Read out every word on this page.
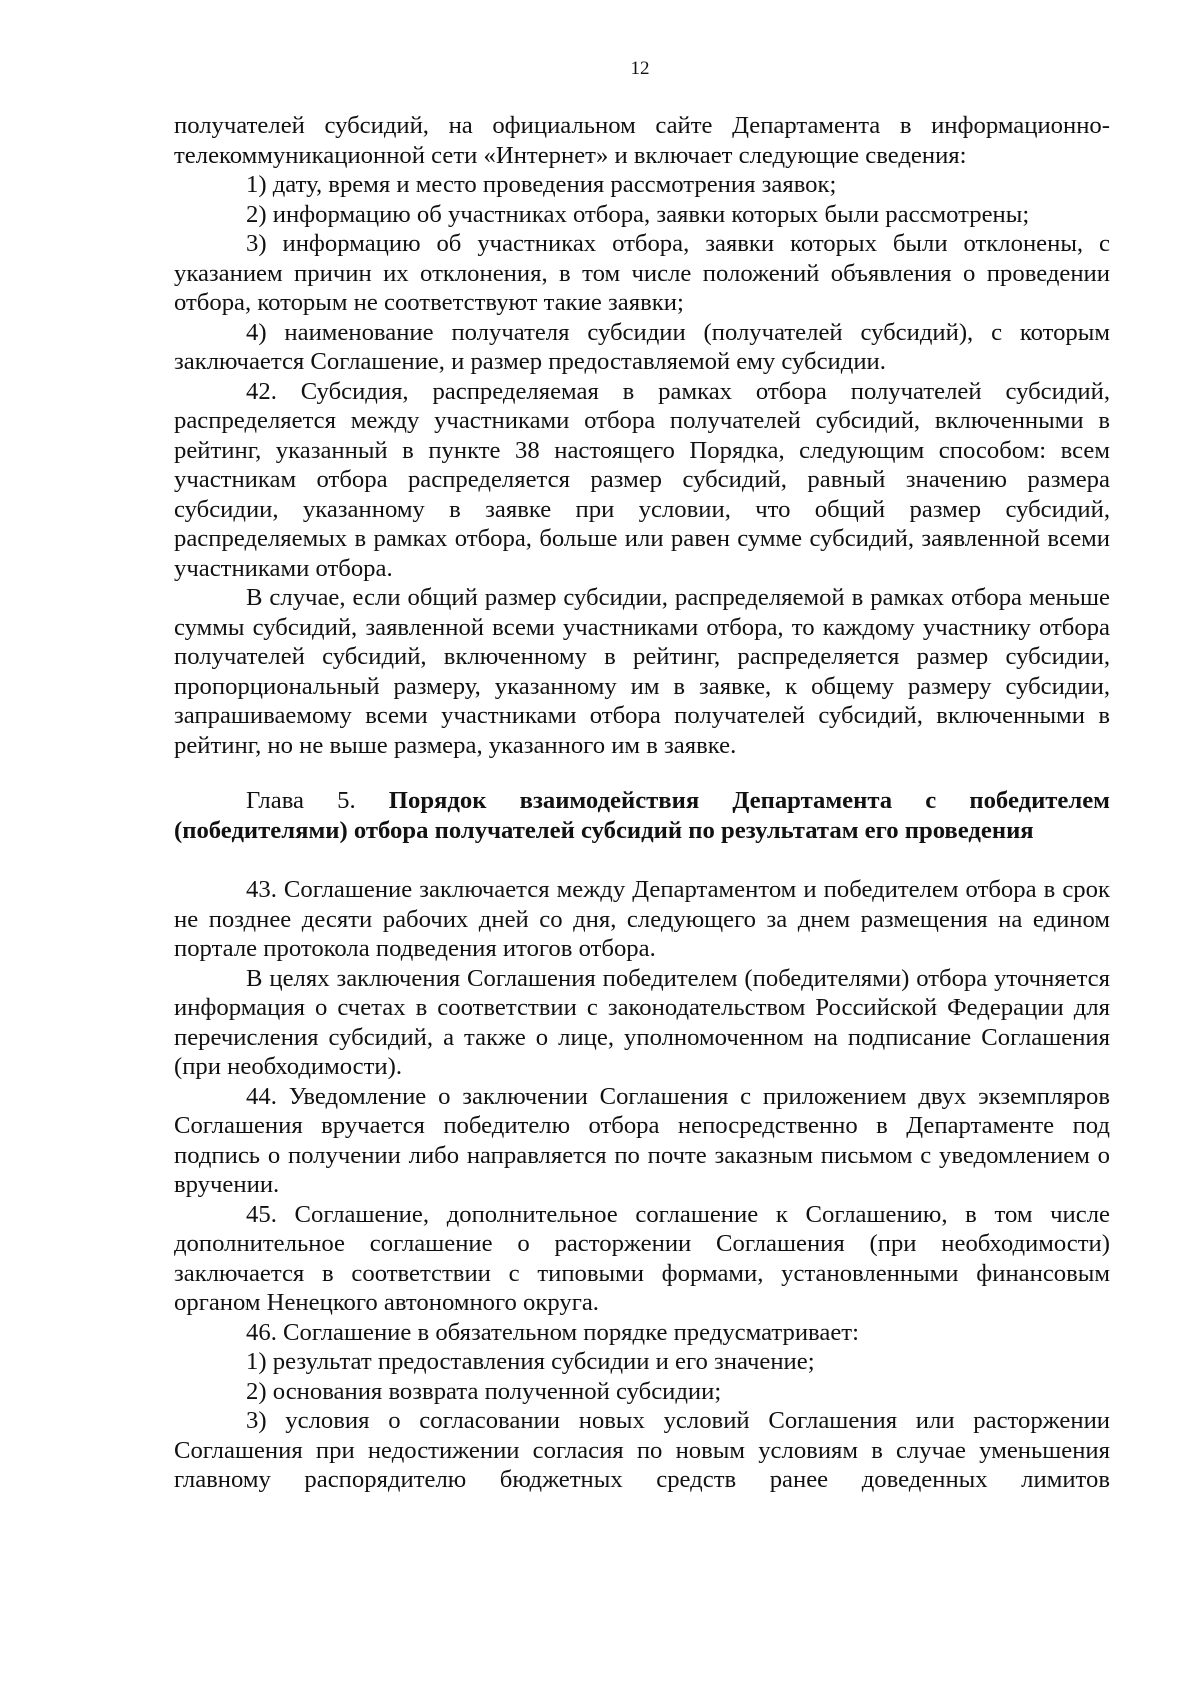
12

получателей субсидий, на официальном сайте Департамента в информационно-телекоммуникационной сети «Интернет» и включает следующие сведения:

1) дату, время и место проведения рассмотрения заявок;

2) информацию об участниках отбора, заявки которых были рассмотрены;

3) информацию об участниках отбора, заявки которых были отклонены, с указанием причин их отклонения, в том числе положений объявления о проведении отбора, которым не соответствуют такие заявки;

4) наименование получателя субсидии (получателей субсидий), с которым заключается Соглашение, и размер предоставляемой ему субсидии.

42. Субсидия, распределяемая в рамках отбора получателей субсидий, распределяется между участниками отбора получателей субсидий, включенными в рейтинг, указанный в пункте 38 настоящего Порядка, следующим способом: всем участникам отбора распределяется размер субсидий, равный значению размера субсидии, указанному в заявке при условии, что общий размер субсидий, распределяемых в рамках отбора, больше или равен сумме субсидий, заявленной всеми участниками отбора.

В случае, если общий размер субсидии, распределяемой в рамках отбора меньше суммы субсидий, заявленной всеми участниками отбора, то каждому участнику отбора получателей субсидий, включенному в рейтинг, распределяется размер субсидии, пропорциональный размеру, указанному им в заявке, к общему размеру субсидии, запрашиваемому всеми участниками отбора получателей субсидий, включенными в рейтинг, но не выше размера, указанного им в заявке.

Глава 5. Порядок взаимодействия Департамента с победителем (победителями) отбора получателей субсидий по результатам его проведения

43. Соглашение заключается между Департаментом и победителем отбора в срок не позднее десяти рабочих дней со дня, следующего за днем размещения на едином портале протокола подведения итогов отбора.

В целях заключения Соглашения победителем (победителями) отбора уточняется информация о счетах в соответствии с законодательством Российской Федерации для перечисления субсидий, а также о лице, уполномоченном на подписание Соглашения (при необходимости).

44. Уведомление о заключении Соглашения с приложением двух экземпляров Соглашения вручается победителю отбора непосредственно в Департаменте под подпись о получении либо направляется по почте заказным письмом с уведомлением о вручении.

45. Соглашение, дополнительное соглашение к Соглашению, в том числе дополнительное соглашение о расторжении Соглашения (при необходимости) заключается в соответствии с типовыми формами, установленными финансовым органом Ненецкого автономного округа.

46. Соглашение в обязательном порядке предусматривает:

1) результат предоставления субсидии и его значение;

2) основания возврата полученной субсидии;

3) условия о согласовании новых условий Соглашения или расторжении Соглашения при недостижении согласия по новым условиям в случае уменьшения главному распорядителю бюджетных средств ранее доведенных лимитов
